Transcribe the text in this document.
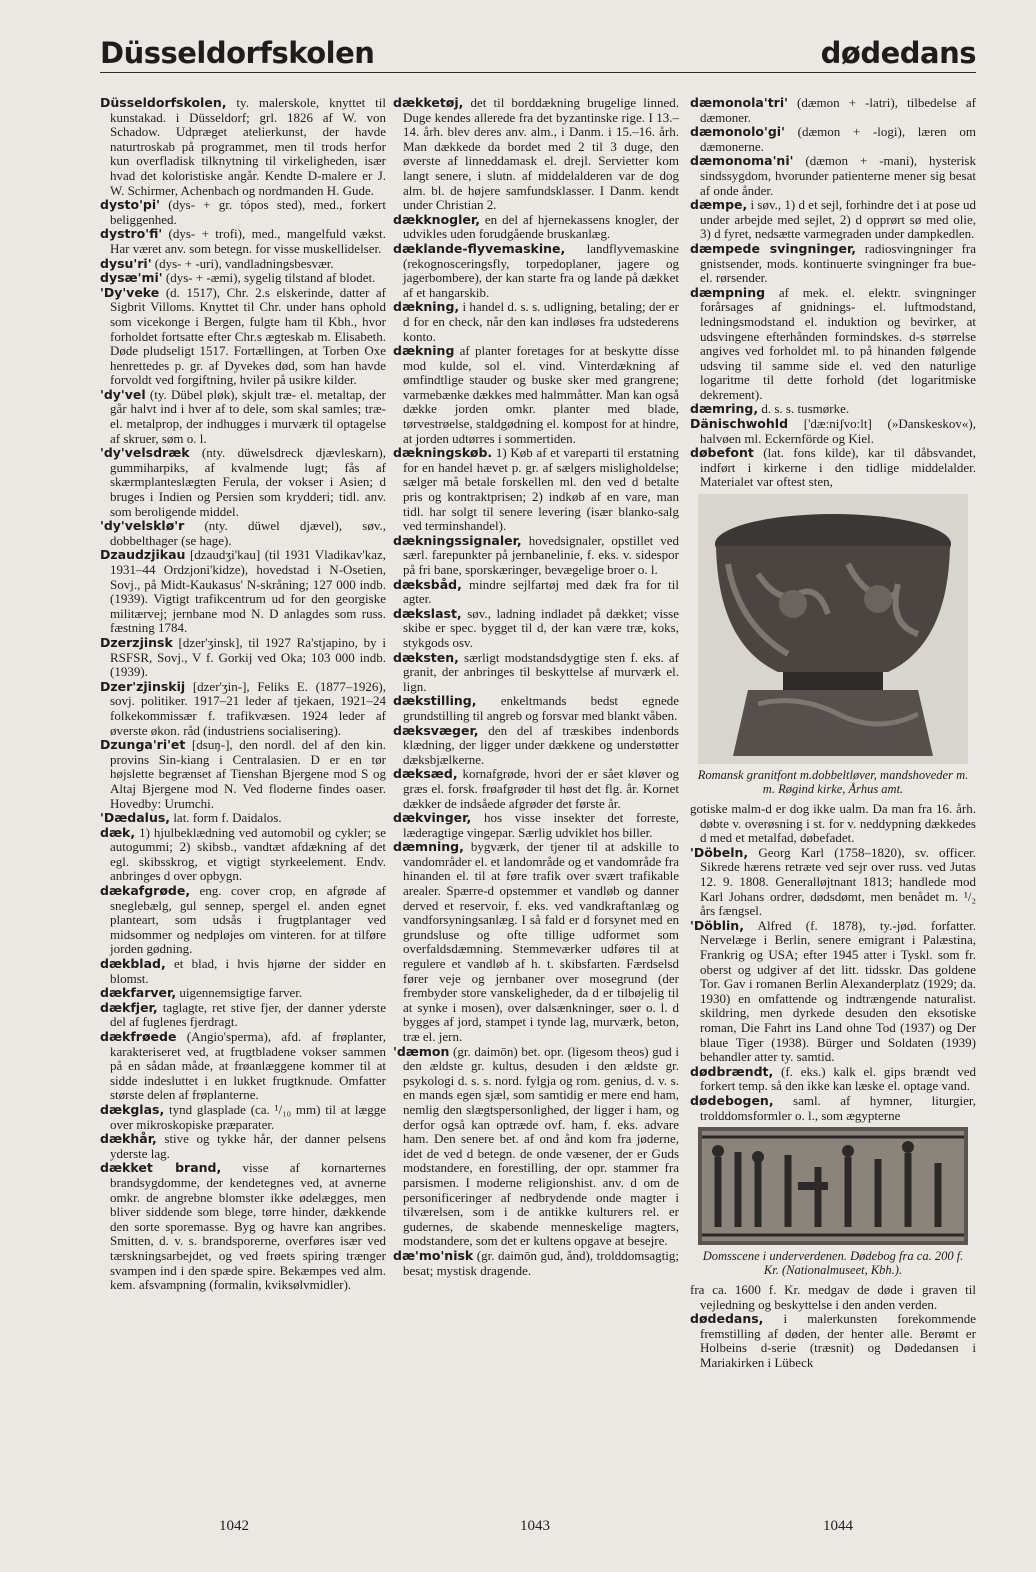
Düsseldorfskolen	dødedans

Düsseldorfskolen, ty. malerskole, knyttet til kunstakad. i Düsseldorf; grl. 1826 af W. von Schadow. Udpræget atelierkunst, der havde naturtroskab på programmet, men til trods herfor kun overfladisk tilknytning til virkeligheden, især hvad det koloristiske angår. Kendte D-malere er J. W. Schirmer, Achenbach og nordmanden H. Gude.

dysto'pi' (dys- + gr. tópos sted), med., forkert beliggenhed.

dystro'fi' (dys- + trofi), med., mangelfuld vækst. Har været anv. som betegn. for visse muskellidelser.

dysu'ri' (dys- + -uri), vandladningsbesvær.

dysæ'mi' (dys- + -æmi), sygelig tilstand af blodet.

'Dy'veke (d. 1517), Chr. 2.s elskerinde, datter af Sigbrit Villoms. Knyttet til Chr. under hans ophold som vicekonge i Bergen, fulgte ham til Kbh., hvor forholdet fortsatte efter Chr.s ægteskab m. Elisabeth. Døde pludseligt 1517. Fortællingen, at Torben Oxe henrettedes p. gr. af Dyvekes død, som han havde forvoldt ved forgiftning, hviler på usikre kilder.

'dy'vel (ty. Dübel pløk), skjult træ- el. metaltap, der går halvt ind i hver af to dele, som skal samles; træ- el. metalprop, der indhugges i murværk til optagelse af skruer, søm o. l.

'dy'velsdræk (nty. düwelsdreck djævleskarn), gummiharpiks, af kvalmende lugt; fås af skærmplanteslægten Ferula, der vokser i Asien; d bruges i Indien og Persien som krydderi; tidl. anv. som beroligende middel.

'dy'velsklø'r (nty. düwel djævel), søv., dobbelthager (se hage).

Dzaudzjikau [dzaudʒi'kau] (til 1931 Vladikav'kaz, 1931–44 Ordzjoni'kidze), hovedstad i N-Osetien, Sovj., på Midt-Kaukasus' N-skråning; 127 000 indb. (1939). Vigtigt trafikcentrum ud for den georgiske militærvej; jernbane mod N. D anlagdes som russ. fæstning 1784.

Dzerzjinsk [dzer'ʒinsk], til 1927 Ra'stjapino, by i RSFSR, Sovj., V f. Gorkij ved Oka; 103 000 indb. (1939).

Dzer'zjinskij [dzer'ʒin-], Feliks E. (1877–1926), sovj. politiker. 1917–21 leder af tjekaen, 1921–24 folkekommissær f. trafikvæsen. 1924 leder af øverste økon. råd (industriens socialisering).

Dzunga'ri'et [dsuŋ-], den nordl. del af den kin. provins Sin-kiang i Centralasien. D er en tør højslette begrænset af Tienshan Bjergene mod S og Altaj Bjergene mod N. Ved floderne findes oaser. Hovedby: Urumchi.

'Dædalus, lat. form f. Daidalos.

dæk, 1) hjulbeklædning ved automobil og cykler; se autogummi; 2) skibsb., vandtæt afdækning af det egl. skibsskrog, et vigtigt styrkeelement. Endv. anbringes d over opbygn.

dækafgrøde, eng. cover crop, en afgrøde af sneglebælg, gul sennep, spergel el. anden egnet planteart, som udsås i frugtplantager ved midsommer og nedpløjes om vinteren. for at tilføre jorden gødning.

dækblad, et blad, i hvis hjørne der sidder en blomst.

dækfarver, uigennemsigtige farver.

dækfjer, taglagte, ret stive fjer, der danner yderste del af fuglenes fjerdragt.

dækfrøede (Angio'sperma), afd. af frøplanter, karakteriseret ved, at frugtbladene vokser sammen på en sådan måde, at frøanlæggene kommer til at sidde indesluttet i en lukket frugtknude. Omfatter største delen af frøplanterne.

dækglas, tynd glasplade (ca. ¹/₁₀ mm) til at lægge over mikroskopiske præparater.

dækhår, stive og tykke hår, der danner pelsens yderste lag.

dækket brand, visse af kornarternes brandsygdomme, der kendetegnes ved, at avnerne omkr. de angrebne blomster ikke ødelægges, men bliver siddende som blege, tørre hinder, dækkende den sorte sporemasse. Byg og havre kan angribes. Smitten, d. v. s. brandsporerne, overføres især ved tærskningsarbejdet, og ved frøets spiring trænger svampen ind i den spæde spire. Bekæmpes ved alm. kem. afsvampning (formalin, kviksølvmidler).

dækketøj, det til borddækning brugelige linned. Duge kendes allerede fra det byzantinske rige. I 13.–14. årh. blev deres anv. alm., i Danm. i 15.–16. årh. Man dækkede da bordet med 2 til 3 duge, den øverste af linneddamask el. drejl. Servietter kom langt senere, i slutn. af middelalderen var de dog alm. bl. de højere samfundsklasser. I Danm. kendt under Christian 2.

dækknogler, en del af hjernekassens knogler, der udvikles uden forudgående bruskanlæg.

dæklande-flyvemaskine, landflyvemaskine (rekognosceringsfly, torpedoplaner, jagere og jagerbombere), der kan starte fra og lande på dækket af et hangarskib.

dækning, i handel d. s. s. udligning, betaling; der er d for en check, når den kan indløses fra udstederens konto.

dækning af planter foretages for at beskytte disse mod kulde, sol el. vind. Vinterdækning af ømfindtlige stauder og buske sker med grangrene; varmebænke dækkes med halmmåtter. Man kan også dække jorden omkr. planter med blade, tørvestrøelse, staldgødning el. kompost for at hindre, at jorden udtørres i sommertiden.

dækningskøb. 1) Køb af et vareparti til erstatning for en handel hævet p. gr. af sælgers misligholdelse; sælger må betale forskellen ml. den ved d betalte pris og kontraktprisen; 2) indkøb af en vare, man tidl. har solgt til senere levering (især blanko-salg ved terminshandel).

dækningssignaler, hovedsignaler, opstillet ved særl. farepunkter på jernbanelinie, f. eks. v. sidespor på fri bane, sporskæringer, bevægelige broer o. l.

dæksbåd, mindre sejlfartøj med dæk fra for til agter.

dækslast, søv., ladning indladet på dækket; visse skibe er spec. bygget til d, der kan være træ, koks, stykgods osv.

dæksten, særligt modstandsdygtige sten f. eks. af granit, der anbringes til beskyttelse af murværk el. lign.

dækstilling, enkeltmands bedst egnede grundstilling til angreb og forsvar med blankt våben.

dæksvæger, den del af træskibes indenbords klædning, der ligger under dækkene og understøtter dæksbjælkerne.

dæksæd, kornafgrøde, hvori der er sået kløver og græs el. forsk. frøafgrøder til høst det flg. år. Kornet dækker de indsåede afgrøder det første år.

dækvinger, hos visse insekter det forreste, læderagtige vingepar. Særlig udviklet hos biller.

dæmning, bygværk, der tjener til at adskille to vandområder el. et landområde og et vandområde fra hinanden el. til at føre trafik over svært trafikable arealer. Spærre-d opstemmer et vandløb og danner derved et reservoir, f. eks. ved vandkraftanlæg og vandforsyningsanlæg. I så fald er d forsynet med en grundsluse og ofte tillige udformet som overfaldsdæmning. Stemmeværker udføres til at regulere et vandløb af h. t. skibsfarten. Færdselsd fører veje og jernbaner over mosegrund (der frembyder store vanskeligheder, da d er tilbøjelig til at synke i mosen), over dalsænkninger, søer o. l. d bygges af jord, stampet i tynde lag, murværk, beton, træ el. jern.

'dæmon (gr. daimōn) bet. opr. (ligesom theos) gud i den ældste gr. kultus, desuden i den ældste gr. psykologi d. s. s. nord. fylgja og rom. genius, d. v. s. en mands egen sjæl, som samtidig er mere end ham, nemlig den slægtspersonlighed, der ligger i ham, og derfor også kan optræde ovf. ham, f. eks. advare ham. Den senere bet. af ond ånd kom fra jøderne, idet de ved d betegn. de onde væsener, der er Guds modstandere, en forestilling, der opr. stammer fra parsismen. I moderne religionshist. anv. d om de personificeringer af nedbrydende onde magter i tilværelsen, som i de antikke kulturers rel. er gudernes, de skabende menneskelige magters, modstandere, som det er kultens opgave at besejre.

dæ'mo'nisk (gr. daimōn gud, ånd), trolddomsagtig; besat; mystisk dragende.

dæmonola'tri' (dæmon + -latri), tilbedelse af dæmoner.

dæmonolo'gi' (dæmon + -logi), læren om dæmonerne.

dæmonoma'ni' (dæmon + -mani), hysterisk sindssygdom, hvorunder patienterne mener sig besat af onde ånder.

dæmpe, i søv., 1) d et sejl, forhindre det i at pose ud under arbejde med sejlet, 2) d opprørt sø med olie, 3) d fyret, nedsætte varmegraden under dampkedlen.

dæmpede svingninger, radiosvingninger fra gnistsender, mods. kontinuerte svingninger fra bue- el. rørsender.

dæmpning af mek. el. elektr. svingninger forårsages af gnidnings- el. luftmodstand, ledningsmodstand el. induktion og bevirker, at udsvingene efterhånden formindskes. d-s størrelse angives ved forholdet ml. to på hinanden følgende udsving til samme side el. ved den naturlige logaritme til dette forhold (det logaritmiske dekrement).

dæmring, d. s. s. tusmørke.

Dänischwohld ['dæ:niʃvo:lt] (»Danskeskov«), halvøen ml. Eckernförde og Kiel.

døbefont (lat. fons kilde), kar til dåbsvandet, indført i kirkerne i den tidlige middelalder. Materialet var oftest sten,

Romansk granitfont m.dobbeltløver, mandshoveder m. m. Røgind kirke, Århus amt.

gotiske malm-d er dog ikke ualm. Da man fra 16. årh. døbte v. overøsning i st. for v. neddypning dækkedes d med et metalfad, døbefadet.

'Döbeln, Georg Karl (1758–1820), sv. officer. Sikrede hærens retræte ved sejr over russ. ved Jutas 12. 9. 1808. Generalløjtnant 1813; handlede mod Karl Johans ordrer, dødsdømt, men benådet m. ¹/₂ års fængsel.

'Döblin, Alfred (f. 1878), ty.-jød. forfatter. Nervelæge i Berlin, senere emigrant i Palæstina, Frankrig og USA; efter 1945 atter i Tyskl. som fr. oberst og udgiver af det litt. tidsskr. Das goldene Tor. Gav i romanen Berlin Alexanderplatz (1929; da. 1930) en omfattende og indtrængende naturalist. skildring, men dyrkede desuden den eksotiske roman, Die Fahrt ins Land ohne Tod (1937) og Der blaue Tiger (1938). Bürger und Soldaten (1939) behandler atter ty. samtid.

dødbrændt, (f. eks.) kalk el. gips brændt ved forkert temp. så den ikke kan læske el. optage vand.

dødebogen, saml. af hymner, liturgier, trolddomsformler o. l., som ægypterne

Domsscene i underverdenen. Dødebog fra ca. 200 f. Kr. (Nationalmuseet, Kbh.).

fra ca. 1600 f. Kr. medgav de døde i graven til vejledning og beskyttelse i den anden verden.

dødedans, i malerkunsten forekommende fremstilling af døden, der henter alle. Berømt er Holbeins d-serie (træsnit) og Dødedansen i Mariakirken i Lübeck

1042	1043	1044
